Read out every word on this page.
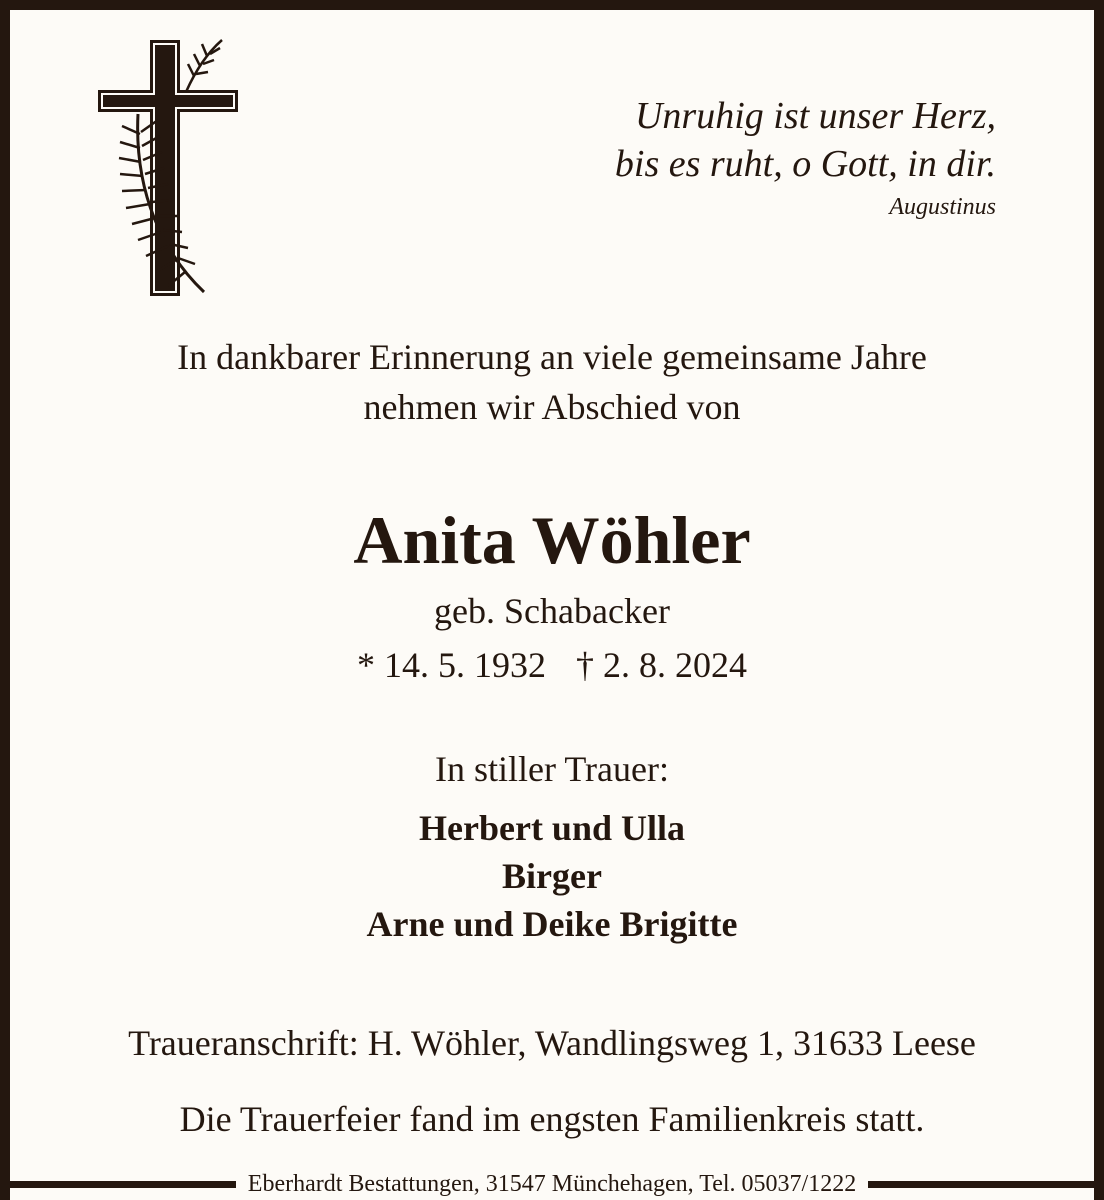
Unruhig ist unser Herz,
bis es ruht, o Gott, in dir.
Augustinus
In dankbarer Erinnerung an viele gemeinsame Jahre
nehmen wir Abschied von
Anita Wöhler
geb. Schabacker
* 14. 5. 1932 † 2. 8. 2024
In stiller Trauer:
Herbert und Ulla
Birger
Arne und Deike Brigitte
Traueranschrift: H. Wöhler, Wandlingsweg 1, 31633 Leese
Die Trauerfeier fand im engsten Familienkreis statt.
Eberhardt Bestattungen, 31547 Münchehagen, Tel. 05037/1222
